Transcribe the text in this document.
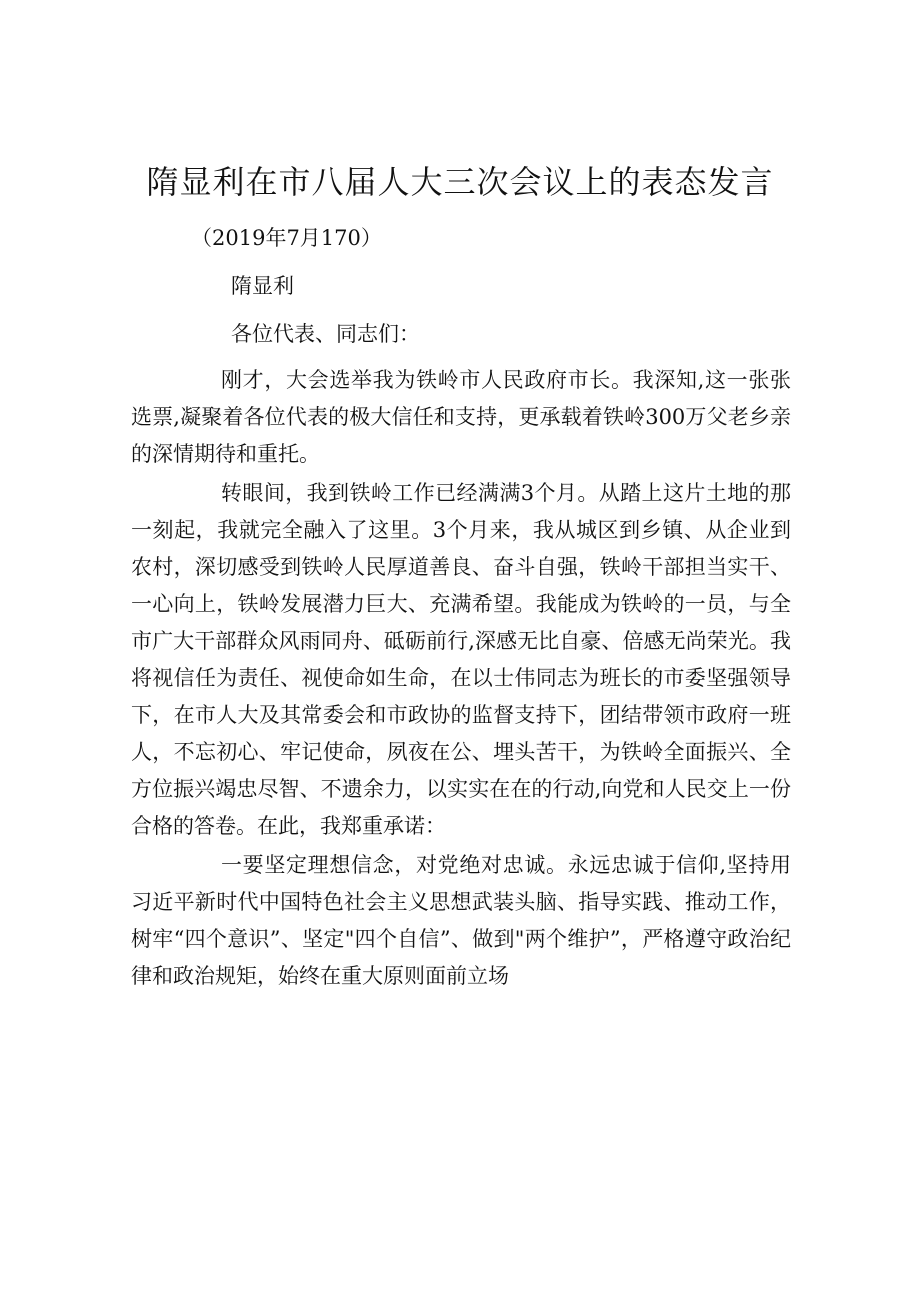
隋显利在市八届人大三次会议上的表态发言

（2019年7月170）

隋显利

各位代表、同志们：

刚才，大会选举我为铁岭市人民政府市长。我深知,这一张张选票,凝聚着各位代表的极大信任和支持，更承载着铁岭300万父老乡亲的深情期待和重托。

转眼间，我到铁岭工作已经满满3个月。从踏上这片土地的那一刻起，我就完全融入了这里。3个月来，我从城区到乡镇、从企业到农村，深切感受到铁岭人民厚道善良、奋斗自强，铁岭干部担当实干、一心向上，铁岭发展潜力巨大、充满希望。我能成为铁岭的一员，与全市广大干部群众风雨同舟、砥砺前行,深感无比自豪、倍感无尚荣光。我将视信任为责任、视使命如生命，在以士伟同志为班长的市委坚强领导下，在市人大及其常委会和市政协的监督支持下，团结带领市政府一班人，不忘初心、牢记使命，夙夜在公、埋头苦干，为铁岭全面振兴、全方位振兴竭忠尽智、不遗余力，以实实在在的行动,向党和人民交上一份合格的答卷。在此，我郑重承诺：

一要坚定理想信念，对党绝对忠诚。永远忠诚于信仰,坚持用习近平新时代中国特色社会主义思想武装头脑、指导实践、推动工作，树牢“四个意识”、坚定"四个自信”、做到"两个维护”，严格遵守政治纪律和政治规矩，始终在重大原则面前立场
